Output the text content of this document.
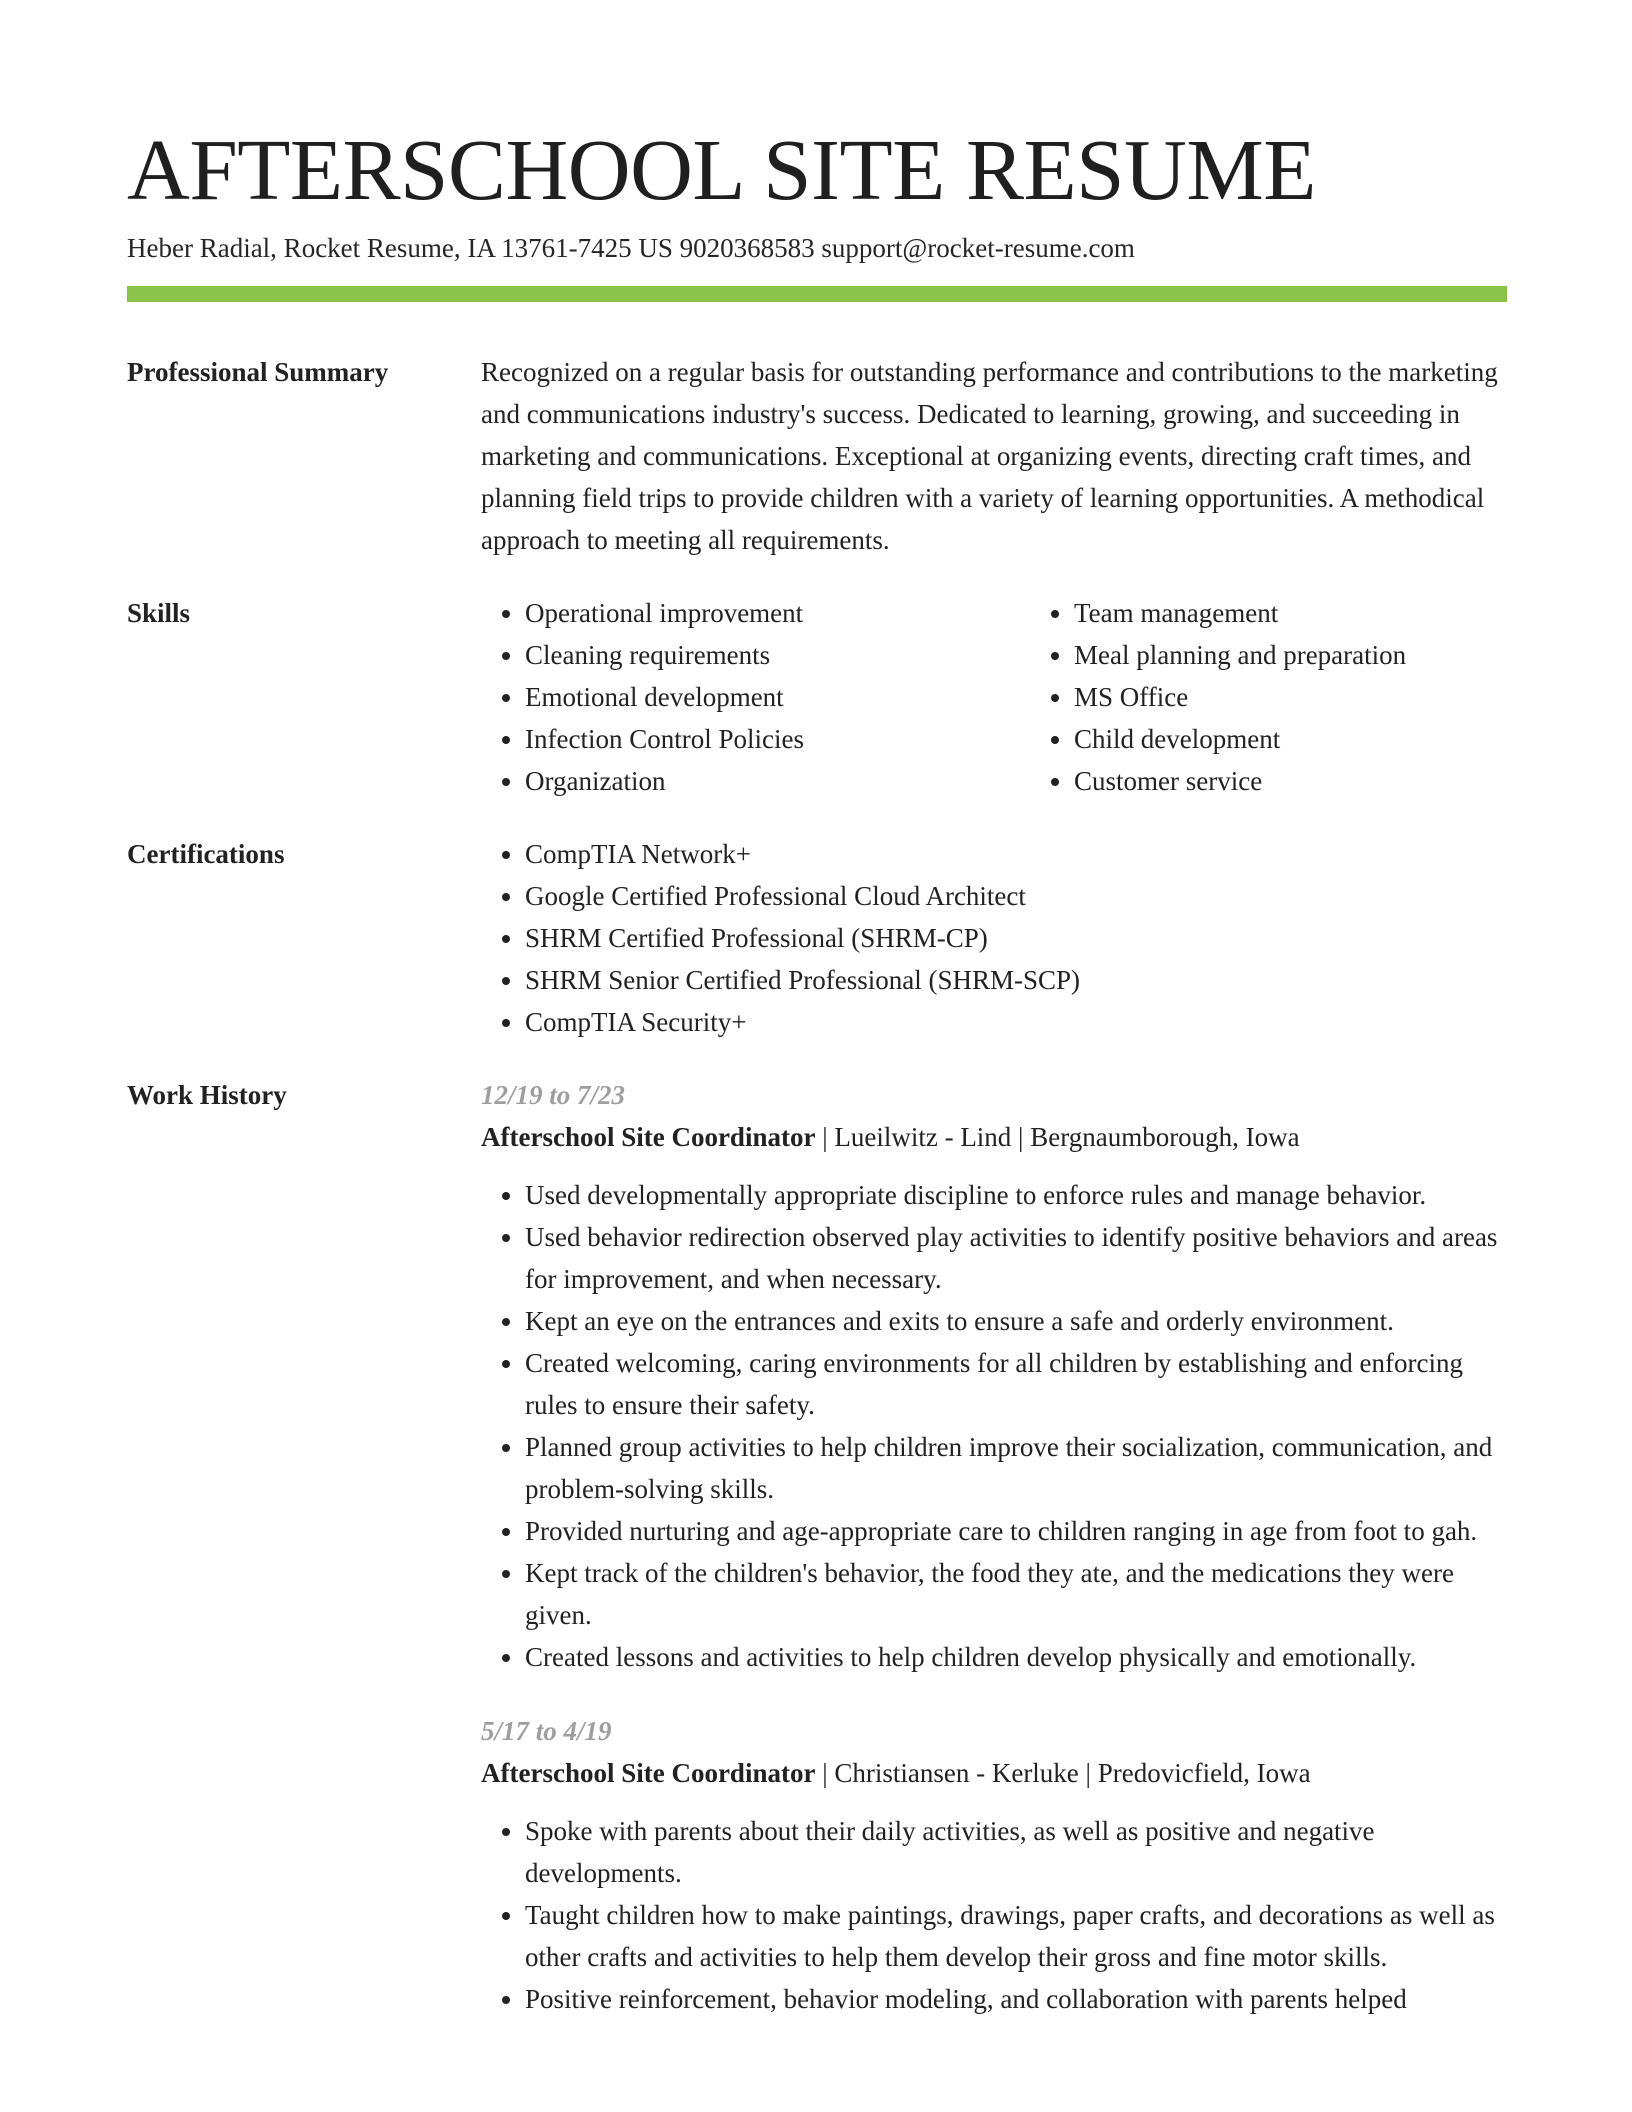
AFTERSCHOOL SITE RESUME
Heber Radial, Rocket Resume, IA 13761-7425 US 9020368583 support@rocket-resume.com
Professional Summary	Recognized on a regular basis for outstanding performance and contributions to the marketing and communications industry's success. Dedicated to learning, growing, and succeeding in marketing and communications. Exceptional at organizing events, directing craft times, and planning field trips to provide children with a variety of learning opportunities. A methodical approach to meeting all requirements.

Skills	• Operational improvement
• Cleaning requirements
• Emotional development
• Infection Control Policies
• Organization
• Team management
• Meal planning and preparation
• MS Office
• Child development
• Customer service
Certifications	• CompTIA Network+
• Google Certified Professional Cloud Architect
• SHRM Certified Professional (SHRM-CP)
• SHRM Senior Certified Professional (SHRM-SCP)
• CompTIA Security+
Work History	12/19 to 7/23
Afterschool Site Coordinator | Lueilwitz - Lind | Bergnaumborough, Iowa
• Used developmentally appropriate discipline to enforce rules and manage behavior.
• Used behavior redirection observed play activities to identify positive behaviors and areas for improvement, and when necessary.
• Kept an eye on the entrances and exits to ensure a safe and orderly environment.
• Created welcoming, caring environments for all children by establishing and enforcing rules to ensure their safety.
• Planned group activities to help children improve their socialization, communication, and problem-solving skills.
• Provided nurturing and age-appropriate care to children ranging in age from foot to gah.
• Kept track of the children's behavior, the food they ate, and the medications they were given.
• Created lessons and activities to help children develop physically and emotionally.
5/17 to 4/19
Afterschool Site Coordinator | Christiansen - Kerluke | Predovicfield, Iowa
• Spoke with parents about their daily activities, as well as positive and negative developments.
• Taught children how to make paintings, drawings, paper crafts, and decorations as well as other crafts and activities to help them develop their gross and fine motor skills.
• Positive reinforcement, behavior modeling, and collaboration with parents helped
